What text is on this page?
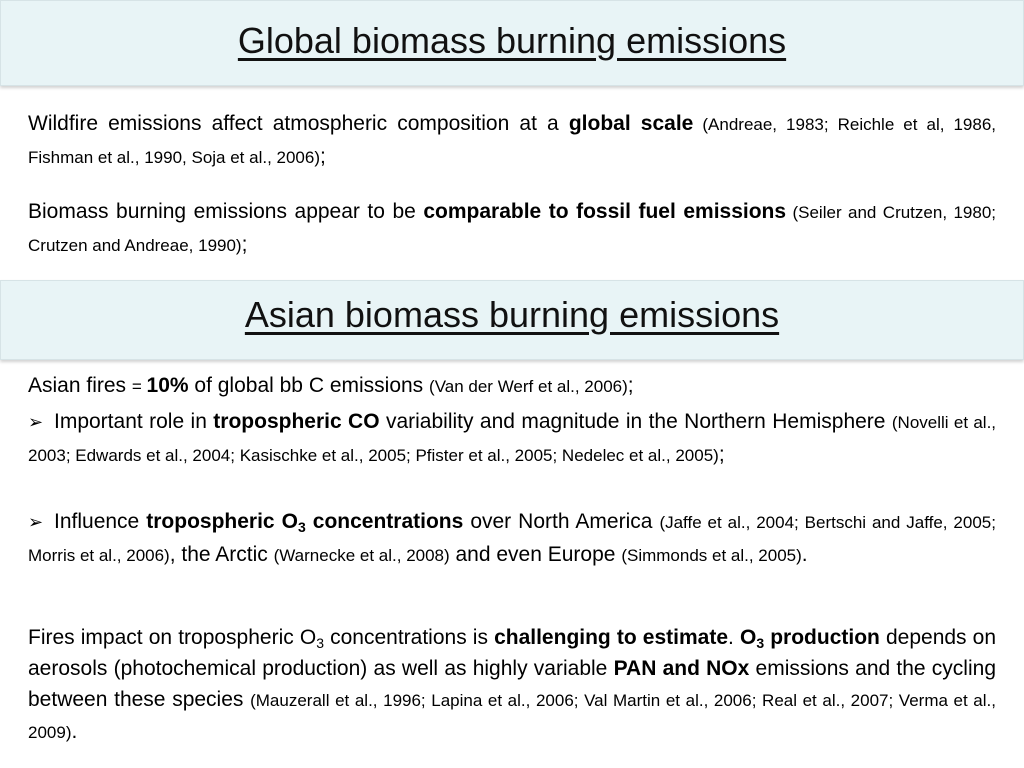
Global biomass burning emissions

Wildfire emissions affect atmospheric composition at a global scale (Andreae, 1983; Reichle et al, 1986, Fishman et al., 1990, Soja et al., 2006);

Biomass burning emissions appear to be comparable to fossil fuel emissions (Seiler and Crutzen, 1980; Crutzen and Andreae, 1990);

Asian biomass burning emissions

Asian fires = 10% of global bb C emissions (Van der Werf et al., 2006);

➢ Important role in tropospheric CO variability and magnitude in the Northern Hemisphere (Novelli et al., 2003; Edwards et al., 2004; Kasischke et al., 2005; Pfister et al., 2005; Nedelec et al., 2005);

➢ Influence tropospheric $O_3$ concentrations over North America (Jaffe et al., 2004; Bertschi and Jaffe, 2005; Morris et al., 2006), the Arctic (Warnecke et al., 2008) and even Europe (Simmonds et al., 2005).

Fires impact on tropospheric $O_3$ concentrations is challenging to estimate. $O_3$ production depends on aerosols (photochemical production) as well as highly variable PAN and NOx emissions and the cycling between these species (Mauzerall et al., 1996; Lapina et al., 2006; Val Martin et al., 2006; Real et al., 2007; Verma et al., 2009).
